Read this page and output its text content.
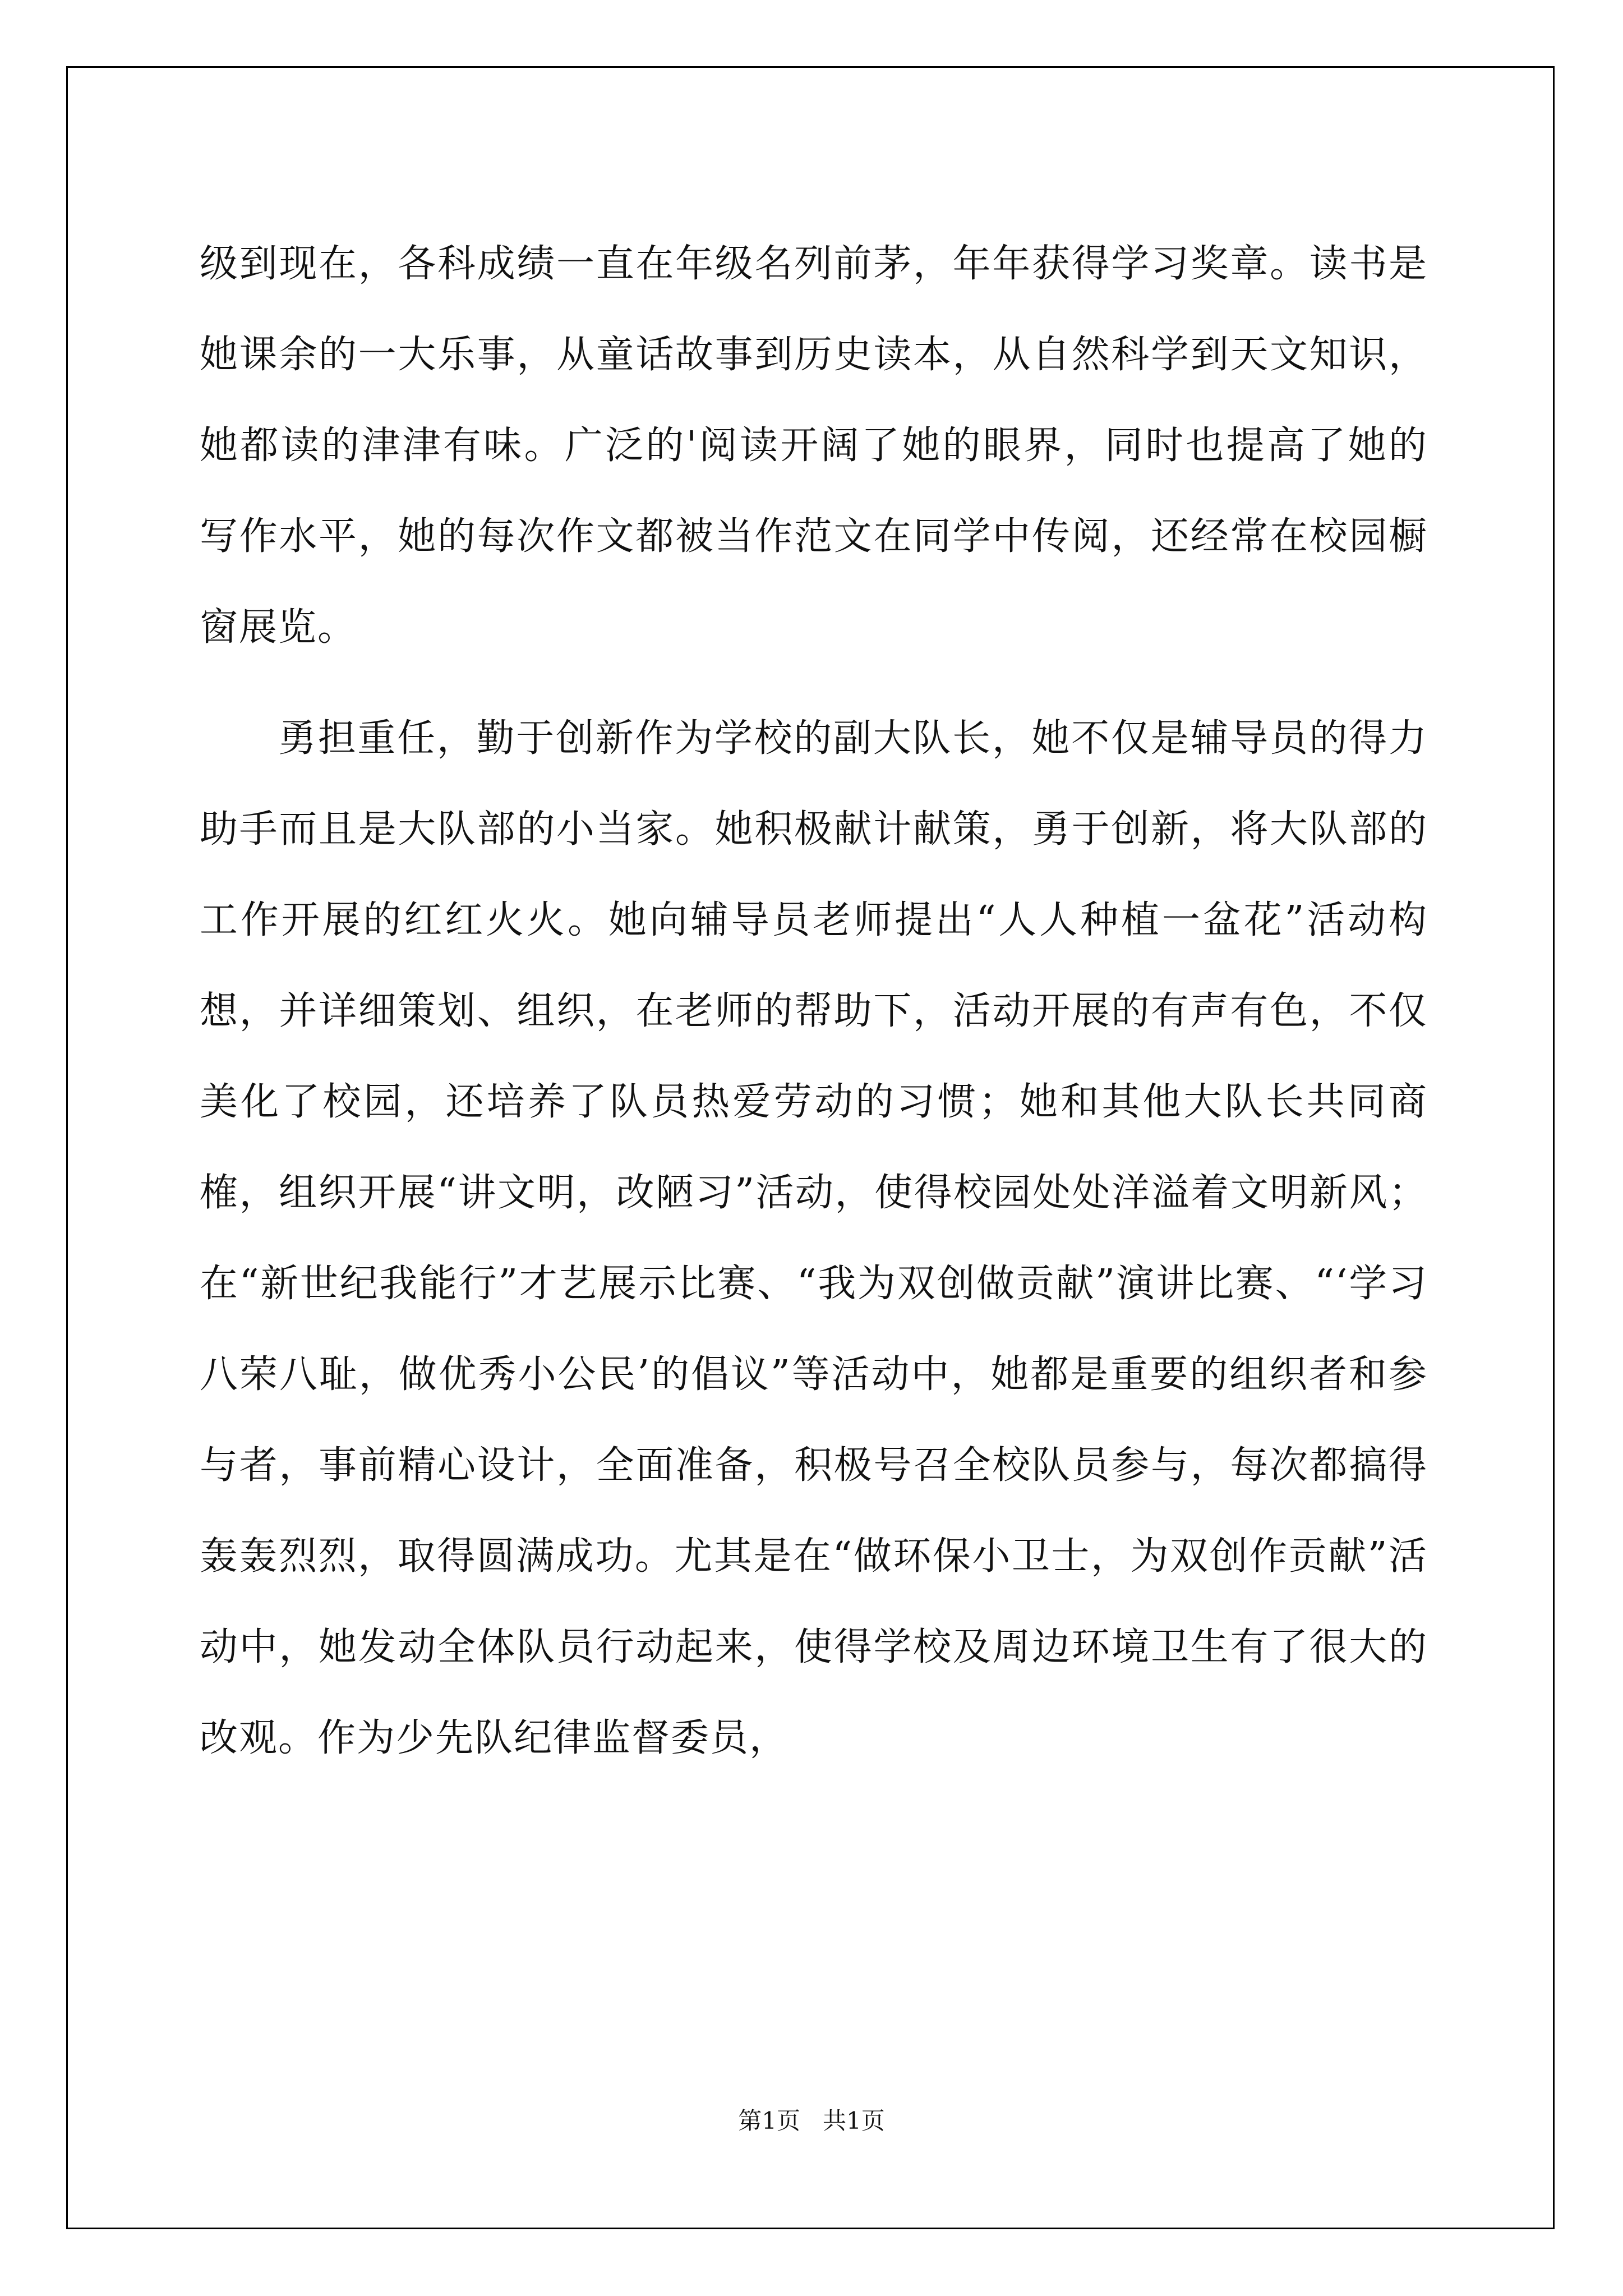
级到现在，各科成绩一直在年级名列前茅，年年获得学习奖章。读书是她课余的一大乐事，从童话故事到历史读本，从自然科学到天文知识，她都读的津津有味。广泛的'阅读开阔了她的眼界，同时也提高了她的写作水平，她的每次作文都被当作范文在同学中传阅，还经常在校园橱窗展览。

勇担重任，勤于创新作为学校的副大队长，她不仅是辅导员的得力助手而且是大队部的小当家。她积极献计献策，勇于创新，将大队部的工作开展的红红火火。她向辅导员老师提出“人人种植一盆花”活动构想，并详细策划、组织，在老师的帮助下，活动开展的有声有色，不仅美化了校园，还培养了队员热爱劳动的习惯；她和其他大队长共同商榷，组织开展“讲文明，改陋习”活动，使得校园处处洋溢着文明新风；在“新世纪我能行”才艺展示比赛、“我为双创做贡献”演讲比赛、“‘学习八荣八耻，做优秀小公民’的倡议”等活动中，她都是重要的组织者和参与者，事前精心设计，全面准备，积极号召全校队员参与，每次都搞得轰轰烈烈，取得圆满成功。尤其是在“做环保小卫士，为双创作贡献”活动中，她发动全体队员行动起来，使得学校及周边环境卫生有了很大的改观。作为少先队纪律监督委员，

第1页   共1页
